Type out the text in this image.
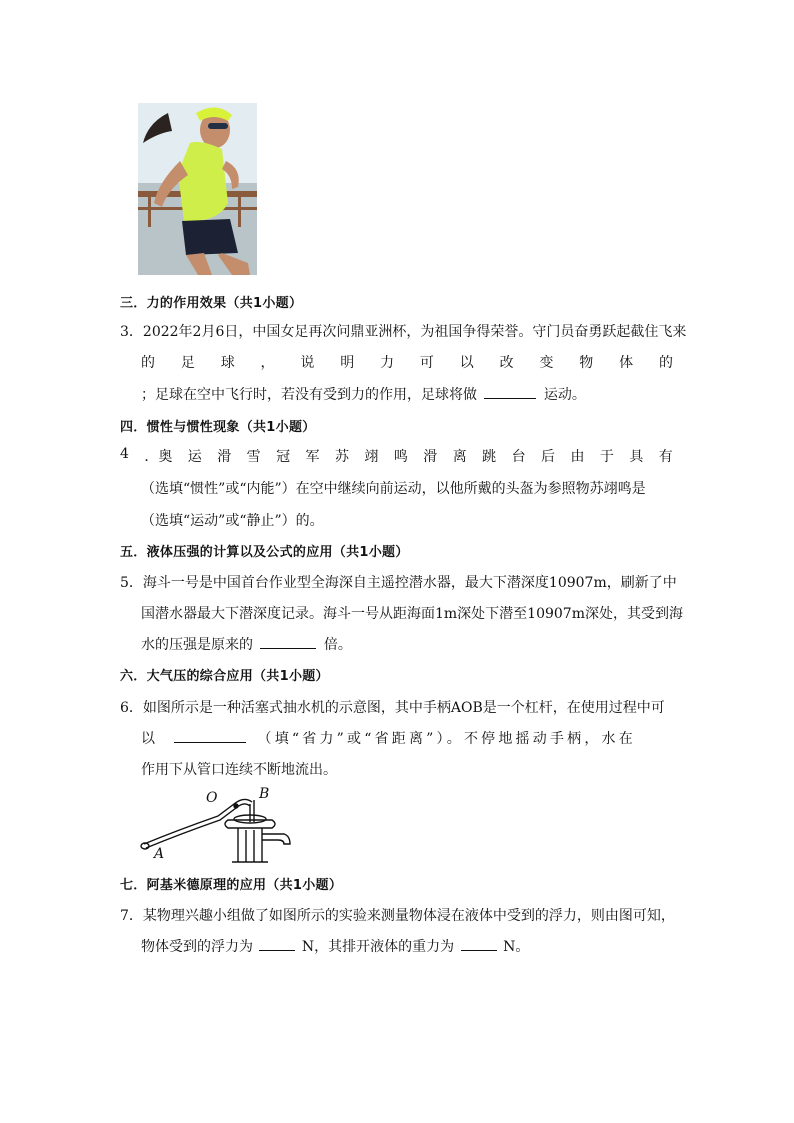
三．力的作用效果（共1小题）
3．2022年2月6日，中国女足再次问鼎亚洲杯，为祖国争得荣誉。守门员奋勇跃起截住飞来
的 足 球 ， 说 明 力 可 以 改 变 物 体 的
；足球在空中飞行时，若没有受到力的作用，足球将做	运动。
四．惯性与惯性现象（共1小题）
4 ．奥 运 滑 雪 冠 军 苏 翊 鸣 滑 离 跳 台 后 由 于 具 有
（选填“惯性”或“内能”）在空中继续向前运动，以他所戴的头盔为参照物苏翊鸣是
（选填“运动”或“静止”）的。
五．液体压强的计算以及公式的应用（共1小题）
5．海斗一号是中国首台作业型全海深自主遥控潜水器，最大下潜深度10907m，刷新了中
国潜水器最大下潜深度记录。海斗一号从距海面1m深处下潜至10907m深处，其受到海
水的压强是原来的	倍。
六．大气压的综合应用（共1小题）
6．如图所示是一种活塞式抽水机的示意图，其中手柄AOB是一个杠杆，在使用过程中可
以	（填“省力”或“省距离”）。不停地摇动手柄，水在
作用下从管口连续不断地流出。
O	B
A
七．阿基米德原理的应用（共1小题）
7．某物理兴趣小组做了如图所示的实验来测量物体浸在液体中受到的浮力，则由图可知，
物体受到的浮力为	N，其排开液体的重力为	N。
